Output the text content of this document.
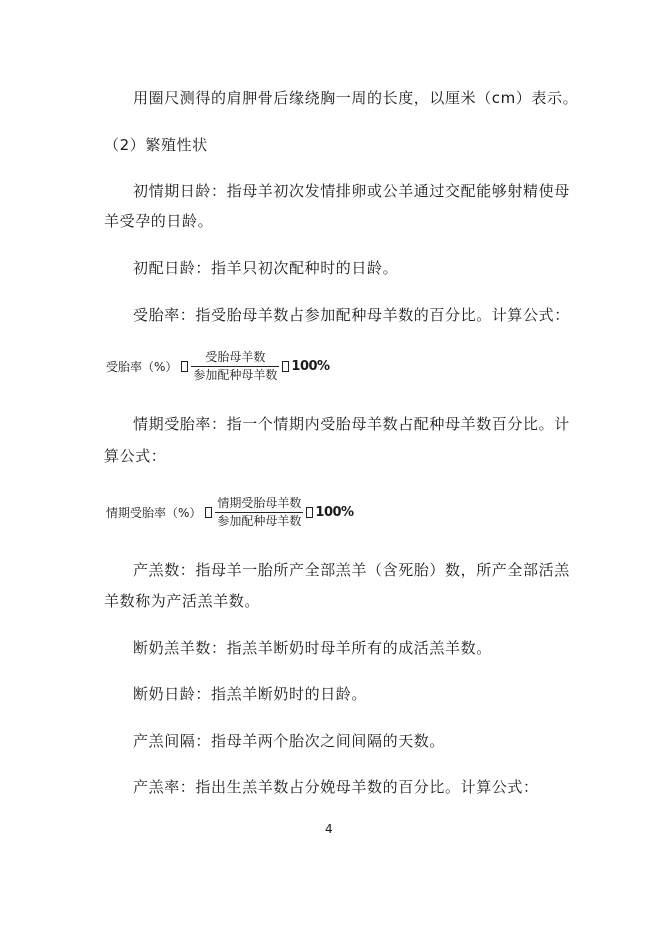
用圈尺测得的肩胛骨后缘绕胸一周的长度，以厘米（cm）表示。
（2）繁殖性状
初情期日龄：指母羊初次发情排卵或公羊通过交配能够射精使母
羊受孕的日龄。
初配日龄：指羊只初次配种时的日龄。
受胎率：指受胎母羊数占参加配种母羊数的百分比。计算公式：
受胎率（%） $\frac{\text{受胎母羊数}}{\text{参加配种母羊数}} 100\%$
情期受胎率：指一个情期内受胎母羊数占配种母羊数百分比。计
算公式：
情期受胎率（%） $\frac{\text{情期受胎母羊数}}{\text{参加配种母羊数}} 100\%$
产羔数：指母羊一胎所产全部羔羊（含死胎）数，所产全部活羔
羊数称为产活羔羊数。
断奶羔羊数：指羔羊断奶时母羊所有的成活羔羊数。
断奶日龄：指羔羊断奶时的日龄。
产羔间隔：指母羊两个胎次之间间隔的天数。
产羔率：指出生羔羊数占分娩母羊数的百分比。计算公式：
4
